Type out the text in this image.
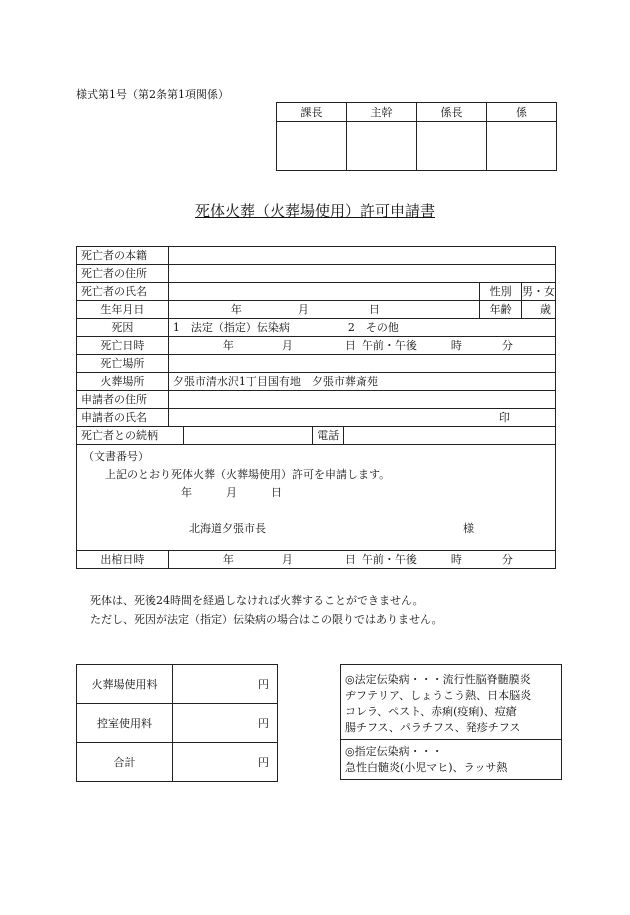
様式第1号（第2条第1項関係）
課長	主幹	係長	係

死体火葬（火葬場使用）許可申請書
死亡者の本籍						
死亡者の住所						
死亡者の氏名					性別	男・女
生年月日	年 月 日				年齢	歳
死因	1　法定（指定）伝染病 2　その他					
死亡日時	年 月 日 午前・午後 時 分					
死亡場所						
火葬場所	夕張市清水沢1丁目国有地　夕張市葬斎苑					
申請者の住所						
申請者の氏名	印					
死亡者との続柄			電話			

（文書番号）
上記のとおり死体火葬（火葬場使用）許可を申請します。
年 月 日
北海道夕張市長 様						

出棺日時	年 月 日 午前・午後 時 分					
死体は、死後24時間を経過しなければ火葬することができません。
ただし、死因が法定（指定）伝染病の場合はこの限りではありません。
火葬場使用料	円
控室使用料	円
合計	円
◎法定伝染病・・・流行性脳脊髄膜炎
ヂフテリア、しょうこう熱、日本脳炎
コレラ、ペスト、赤痢(疫痢)、痘瘡
腸チフス、パラチフス、発疹チフス
◎指定伝染病・・・
急性白髄炎(小児マヒ)、ラッサ熱
